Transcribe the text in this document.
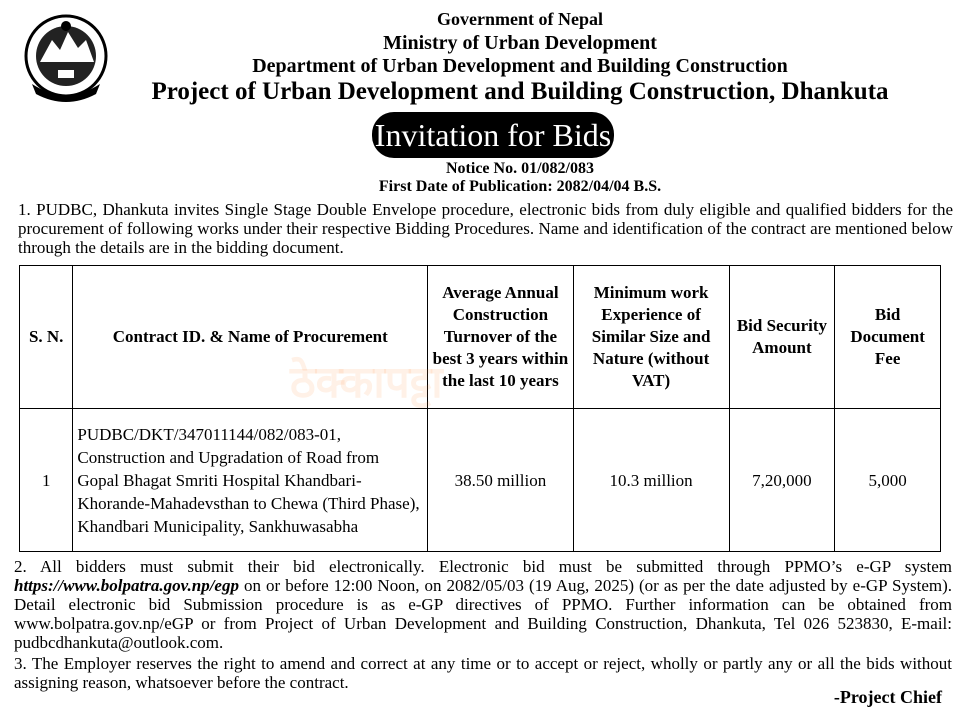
Government of Nepal
Ministry of Urban Development
Department of Urban Development and Building Construction
Project of Urban Development and Building Construction, Dhankuta
Invitation for Bids
Notice No. 01/082/083
First Date of Publication: 2082/04/04 B.S.
1. PUDBC, Dhankuta invites Single Stage Double Envelope procedure, electronic bids from duly eligible and qualified bidders for the procurement of following works under their respective Bidding Procedures. Name and identification of the contract are mentioned below through the details are in the bidding document.
S. N.	Contract ID. & Name of Procurement	Average Annual Construction Turnover of the best 3 years within the last 10 years	Minimum work Experience of Similar Size and Nature (without VAT)	Bid Security Amount	Bid Document Fee
1	PUDBC/DKT/347011144/082/083-01, Construction and Upgradation of Road from Gopal Bhagat Smriti Hospital Khandbari-Khorande-Mahadevsthan to Chewa (Third Phase), Khandbari Municipality, Sankhuwasabha	38.50 million	10.3 million	7,20,000	5,000
ठेक्कापट्टा
2. All bidders must submit their bid electronically. Electronic bid must be submitted through PPMO’s e-GP system https://www.bolpatra.gov.np/egp on or before 12:00 Noon, on 2082/05/03 (19 Aug, 2025) (or as per the date adjusted by e-GP System). Detail electronic bid Submission procedure is as e-GP directives of PPMO. Further information can be obtained from www.bolpatra.gov.np/eGP or from Project of Urban Development and Building Construction, Dhankuta, Tel 026 523830, E-mail: pudbcdhankuta@outlook.com.
3. The Employer reserves the right to amend and correct at any time or to accept or reject, wholly or partly any or all the bids without assigning reason, whatsoever before the contract.
-Project Chief
